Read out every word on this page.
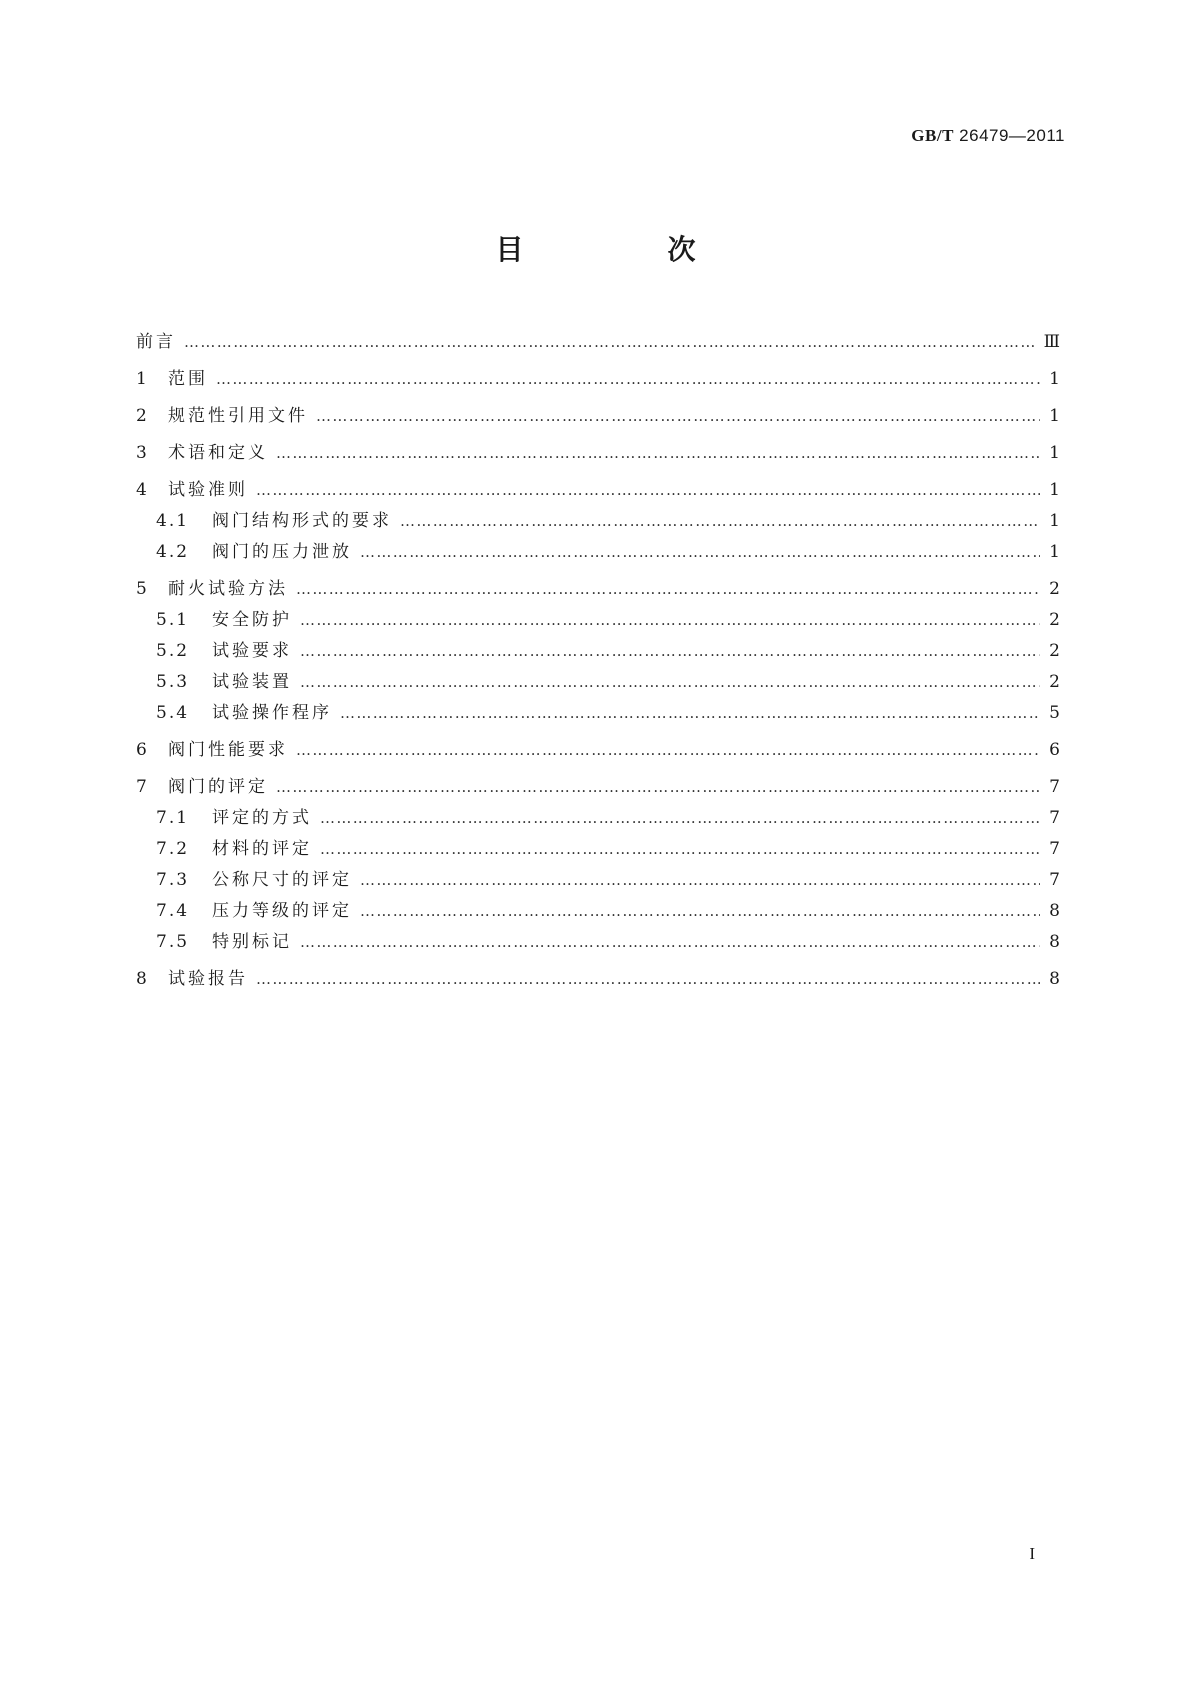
GB/T 26479—2011
目　次
前言 ……………………………………………………………………………………………………………………………………………………………………………………	Ⅲ
1	范围 ……………………………………………………………………………………………………………………………………………………………………………………	1
2	规范性引用文件 ……………………………………………………………………………………………………………………………………………………………………………………	1
3	术语和定义 ……………………………………………………………………………………………………………………………………………………………………………………	1
4	试验准则 ……………………………………………………………………………………………………………………………………………………………………………………	1
4.1	阀门结构形式的要求 ……………………………………………………………………………………………………………………………………………………………………………………	1
4.2	阀门的压力泄放 ……………………………………………………………………………………………………………………………………………………………………………………	1
5	耐火试验方法 ……………………………………………………………………………………………………………………………………………………………………………………	2
5.1	安全防护 ……………………………………………………………………………………………………………………………………………………………………………………	2
5.2	试验要求 ……………………………………………………………………………………………………………………………………………………………………………………	2
5.3	试验装置 ……………………………………………………………………………………………………………………………………………………………………………………	2
5.4	试验操作程序 ……………………………………………………………………………………………………………………………………………………………………………………	5
6	阀门性能要求 ……………………………………………………………………………………………………………………………………………………………………………………	6
7	阀门的评定 ……………………………………………………………………………………………………………………………………………………………………………………	7
7.1	评定的方式 ……………………………………………………………………………………………………………………………………………………………………………………	7
7.2	材料的评定 ……………………………………………………………………………………………………………………………………………………………………………………	7
7.3	公称尺寸的评定 ……………………………………………………………………………………………………………………………………………………………………………………	7
7.4	压力等级的评定 ……………………………………………………………………………………………………………………………………………………………………………………	8
7.5	特别标记 ……………………………………………………………………………………………………………………………………………………………………………………	8
8	试验报告 ……………………………………………………………………………………………………………………………………………………………………………………	8
I
